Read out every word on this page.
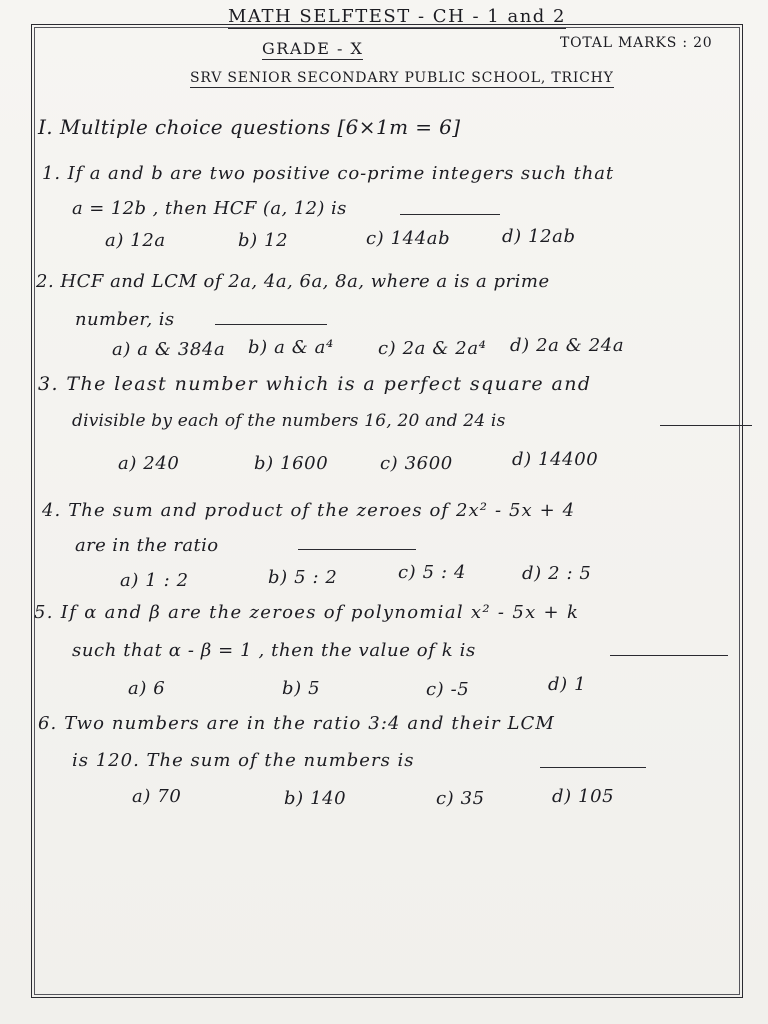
MATH SELFTEST - CH - 1 and 2
GRADE - X	TOTAL MARKS : 20
SRV SENIOR SECONDARY PUBLIC SCHOOL, TRICHY
I. Multiple choice questions [6×1m = 6]
1. If a and b are two positive co-prime integers such that
a = 12b , then HCF (a, 12) is
a) 12a	b) 12	c) 144ab	d) 12ab
2. HCF and LCM of 2a, 4a, 6a, 8a, where a is a prime
number, is
a) a & 384a b) a & a⁴ c) 2a & 2a⁴ d) 2a & 24a
3. The least number which is a perfect square and
divisible by each of the numbers 16, 20 and 24 is
a) 240	b) 1600	c) 3600	d) 14400
4. The sum and product of the zeroes of 2x² - 5x + 4
are in the ratio
a) 1 : 2	b) 5 : 2	c) 5 : 4	d) 2 : 5
5. If α and β are the zeroes of polynomial x² - 5x + k
such that α - β = 1 , then the value of k is
a) 6	b) 5	c) -5	d) 1
6. Two numbers are in the ratio 3:4 and their LCM
is 120. The sum of the numbers is
a) 70	b) 140	c) 35	d) 105
